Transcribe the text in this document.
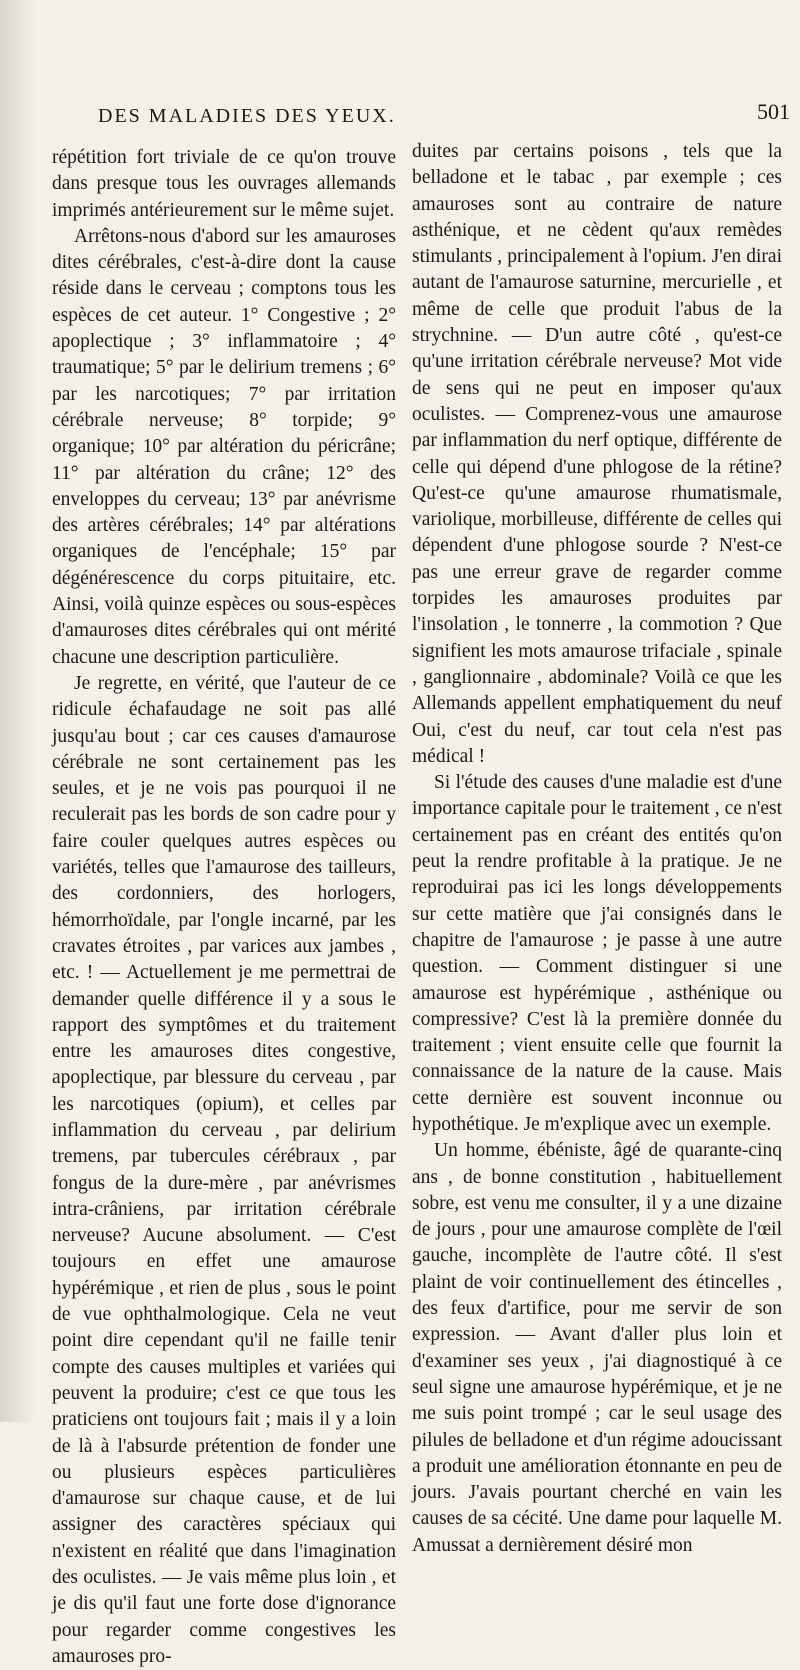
DES MALADIES DES YEUX.	501

répétition fort triviale de ce qu'on trouve dans presque tous les ouvrages allemands imprimés antérieurement sur le même sujet.

Arrêtons-nous d'abord sur les amauroses dites cérébrales, c'est-à-dire dont la cause réside dans le cerveau ; comptons tous les espèces de cet auteur. 1° Congestive ; 2° apoplectique ; 3° inflammatoire ; 4° traumatique; 5° par le delirium tremens ; 6° par les narcotiques; 7° par irritation cérébrale nerveuse; 8° torpide; 9° organique; 10° par altération du péricrâne; 11° par altération du crâne; 12° des enveloppes du cerveau; 13° par anévrisme des artères cérébrales; 14° par altérations organiques de l'encéphale; 15° par dégénérescence du corps pituitaire, etc. Ainsi, voilà quinze espèces ou sous-espèces d'amauroses dites cérébrales qui ont mérité chacune une description particulière.

Je regrette, en vérité, que l'auteur de ce ridicule échafaudage ne soit pas allé jusqu'au bout ; car ces causes d'amaurose cérébrale ne sont certainement pas les seules, et je ne vois pas pourquoi il ne reculerait pas les bords de son cadre pour y faire couler quelques autres espèces ou variétés, telles que l'amaurose des tailleurs, des cordonniers, des horlogers, hémorrhoïdale, par l'ongle incarné, par les cravates étroites , par varices aux jambes , etc. ! — Actuellement je me permettrai de demander quelle différence il y a sous le rapport des symptômes et du traitement entre les amauroses dites congestive, apoplectique, par blessure du cerveau , par les narcotiques (opium), et celles par inflammation du cerveau , par delirium tremens, par tubercules cérébraux , par fongus de la dure-mère , par anévrismes intra-crâniens, par irritation cérébrale nerveuse? Aucune absolument. — C'est toujours en effet une amaurose hypérémique , et rien de plus , sous le point de vue ophthalmologique. Cela ne veut point dire cependant qu'il ne faille tenir compte des causes multiples et variées qui peuvent la produire; c'est ce que tous les praticiens ont toujours fait ; mais il y a loin de là à l'absurde prétention de fonder une ou plusieurs espèces particulières d'amaurose sur chaque cause, et de lui assigner des caractères spéciaux qui n'existent en réalité que dans l'imagination des oculistes. — Je vais même plus loin , et je dis qu'il faut une forte dose d'ignorance pour regarder comme congestives les amauroses pro-

duites par certains poisons , tels que la belladone et le tabac , par exemple ; ces amauroses sont au contraire de nature asthénique, et ne cèdent qu'aux remèdes stimulants , principalement à l'opium. J'en dirai autant de l'amaurose saturnine, mercurielle , et même de celle que produit l'abus de la strychnine. — D'un autre côté , qu'est-ce qu'une irritation cérébrale nerveuse? Mot vide de sens qui ne peut en imposer qu'aux oculistes. — Comprenez-vous une amaurose par inflammation du nerf optique, différente de celle qui dépend d'une phlogose de la rétine? Qu'est-ce qu'une amaurose rhumatismale, variolique, morbilleuse, différente de celles qui dépendent d'une phlogose sourde ? N'est-ce pas une erreur grave de regarder comme torpides les amauroses produites par l'insolation , le tonnerre , la commotion ? Que signifient les mots amaurose trifaciale , spinale , ganglionnaire , abdominale? Voilà ce que les Allemands appellent emphatiquement du neuf Oui, c'est du neuf, car tout cela n'est pas médical !

Si l'étude des causes d'une maladie est d'une importance capitale pour le traitement , ce n'est certainement pas en créant des entités qu'on peut la rendre profitable à la pratique. Je ne reproduirai pas ici les longs développements sur cette matière que j'ai consignés dans le chapitre de l'amaurose ; je passe à une autre question. — Comment distinguer si une amaurose est hypérémique , asthénique ou compressive? C'est là la première donnée du traitement ; vient ensuite celle que fournit la connaissance de la nature de la cause. Mais cette dernière est souvent inconnue ou hypothétique. Je m'explique avec un exemple.

Un homme, ébéniste, âgé de quarante-cinq ans , de bonne constitution , habituellement sobre, est venu me consulter, il y a une dizaine de jours , pour une amaurose complète de l'œil gauche, incomplète de l'autre côté. Il s'est plaint de voir continuellement des étincelles , des feux d'artifice, pour me servir de son expression. — Avant d'aller plus loin et d'examiner ses yeux , j'ai diagnostiqué à ce seul signe une amaurose hypérémique, et je ne me suis point trompé ; car le seul usage des pilules de belladone et d'un régime adoucissant a produit une amélioration étonnante en peu de jours. J'avais pourtant cherché en vain les causes de sa cécité. Une dame pour laquelle M. Amussat a dernièrement désiré mon
